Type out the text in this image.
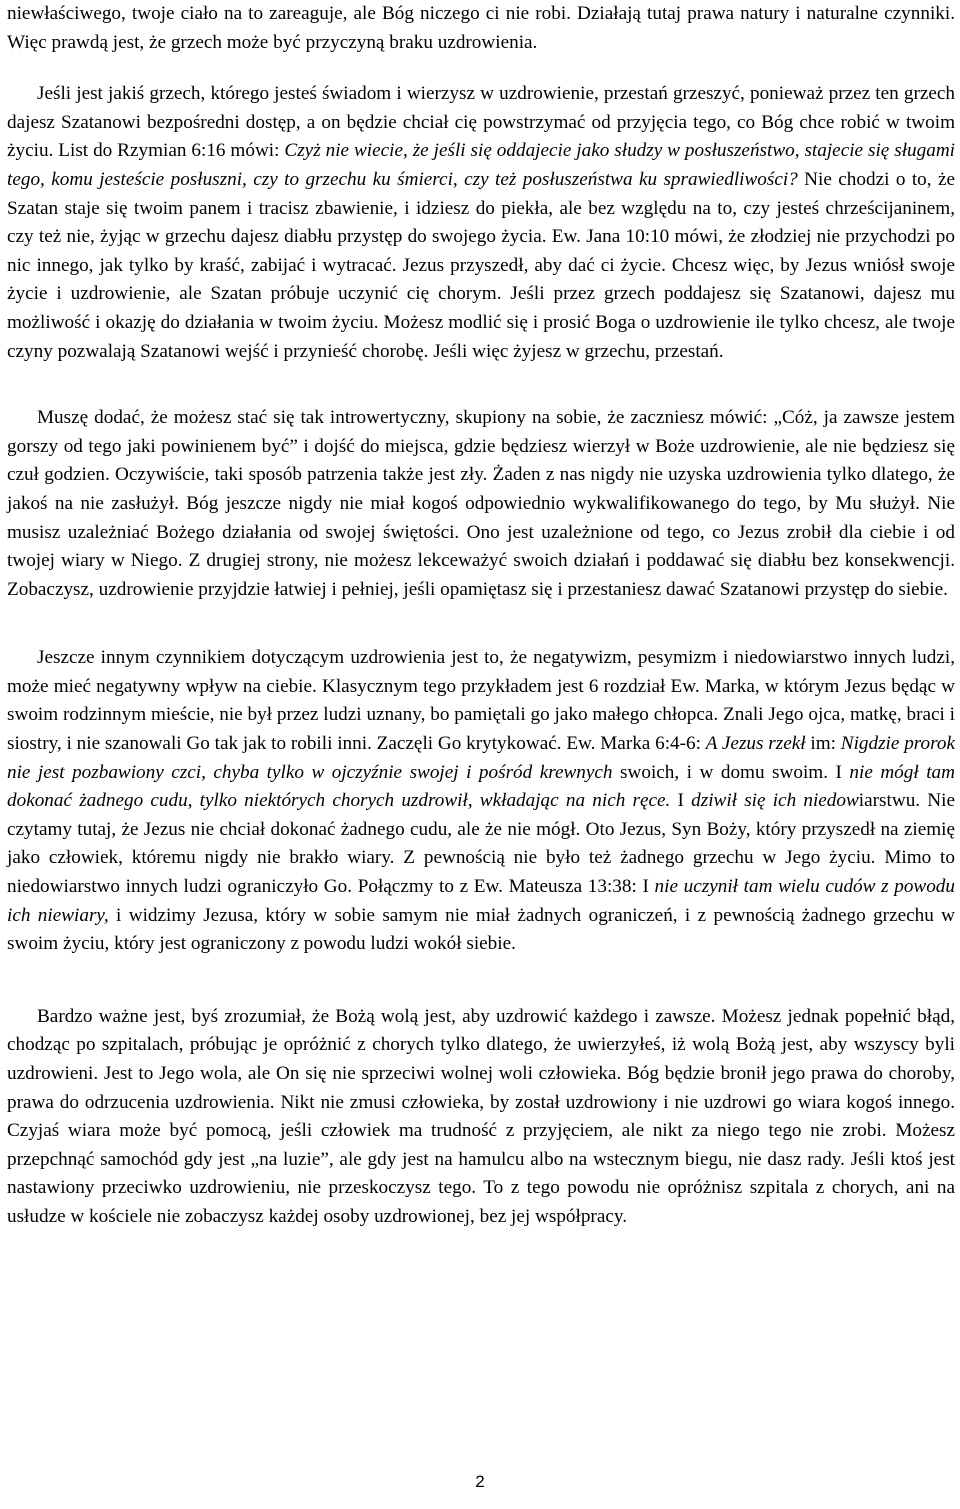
niewłaściwego, twoje ciało na to zareaguje, ale Bóg niczego ci nie robi. Działają tutaj prawa natury i naturalne czynniki. Więc prawdą jest, że grzech może być przyczyną braku uzdrowienia.

Jeśli jest jakiś grzech, którego jesteś świadom i wierzysz w uzdrowienie, przestań grzeszyć, ponieważ przez ten grzech dajesz Szatanowi bezpośredni dostęp, a on będzie chciał cię powstrzymać od przyjęcia tego, co Bóg chce robić w twoim życiu. List do Rzymian 6:16 mówi: Czyż nie wiecie, że jeśli się oddajecie jako słudzy w posłuszeństwo, stajecie się sługami tego, komu jesteście posłuszni, czy to grzechu ku śmierci, czy też posłuszeństwa ku sprawiedliwości? Nie chodzi o to, że Szatan staje się twoim panem i tracisz zbawienie, i idziesz do piekła, ale bez względu na to, czy jesteś chrześcijaninem, czy też nie, żyjąc w grzechu dajesz diabłu przystęp do swojego życia. Ew. Jana 10:10 mówi, że złodziej nie przychodzi po nic innego, jak tylko by kraść, zabijać i wytracać. Jezus przyszedł, aby dać ci życie. Chcesz więc, by Jezus wniósł swoje życie i uzdrowienie, ale Szatan próbuje uczynić cię chorym. Jeśli przez grzech poddajesz się Szatanowi, dajesz mu możliwość i okazję do działania w twoim życiu. Możesz modlić się i prosić Boga o uzdrowienie ile tylko chcesz, ale twoje czyny pozwalają Szatanowi wejść i przynieść chorobę. Jeśli więc żyjesz w grzechu, przestań.

Muszę dodać, że możesz stać się tak introwertyczny, skupiony na sobie, że zaczniesz mówić: „Cóż, ja zawsze jestem gorszy od tego jaki powinienem być” i dojść do miejsca, gdzie będziesz wierzył w Boże uzdrowienie, ale nie będziesz się czuł godzien. Oczywiście, taki sposób patrzenia także jest zły. Żaden z nas nigdy nie uzyska uzdrowienia tylko dlatego, że jakoś na nie zasłużył. Bóg jeszcze nigdy nie miał kogoś odpowiednio wykwalifikowanego do tego, by Mu służył. Nie musisz uzależniać Bożego działania od swojej świętości. Ono jest uzależnione od tego, co Jezus zrobił dla ciebie i od twojej wiary w Niego. Z drugiej strony, nie możesz lekceważyć swoich działań i poddawać się diabłu bez konsekwencji. Zobaczysz, uzdrowienie przyjdzie łatwiej i pełniej, jeśli opamiętasz się i przestaniesz dawać Szatanowi przystęp do siebie.

Jeszcze innym czynnikiem dotyczącym uzdrowienia jest to, że negatywizm, pesymizm i niedowiarstwo innych ludzi, może mieć negatywny wpływ na ciebie. Klasycznym tego przykładem jest 6 rozdział Ew. Marka, w którym Jezus będąc w swoim rodzinnym mieście, nie był przez ludzi uznany, bo pamiętali go jako małego chłopca. Znali Jego ojca, matkę, braci i siostry, i nie szanowali Go tak jak to robili inni. Zaczęli Go krytykować. Ew. Marka 6:4-6: A Jezus rzekł im: Nigdzie prorok nie jest pozbawiony czci, chyba tylko w ojczyźnie swojej i pośród krewnych swoich, i w domu swoim. I nie mógł tam dokonać żadnego cudu, tylko niektórych chorych uzdrowił, wkładając na nich ręce. I dziwił się ich niedowiarstwu. Nie czytamy tutaj, że Jezus nie chciał dokonać żadnego cudu, ale że nie mógł. Oto Jezus, Syn Boży, który przyszedł na ziemię jako człowiek, któremu nigdy nie brakło wiary. Z pewnością nie było też żadnego grzechu w Jego życiu. Mimo to niedowiarstwo innych ludzi ograniczyło Go. Połączmy to z Ew. Mateusza 13:38: I nie uczynił tam wielu cudów z powodu ich niewiary, i widzimy Jezusa, który w sobie samym nie miał żadnych ograniczeń, i z pewnością żadnego grzechu w swoim życiu, który jest ograniczony z powodu ludzi wokół siebie.

Bardzo ważne jest, byś zrozumiał, że Bożą wolą jest, aby uzdrowić każdego i zawsze. Możesz jednak popełnić błąd, chodząc po szpitalach, próbując je opróżnić z chorych tylko dlatego, że uwierzyłeś, iż wolą Bożą jest, aby wszyscy byli uzdrowieni. Jest to Jego wola, ale On się nie sprzeciwi wolnej woli człowieka. Bóg będzie bronił jego prawa do choroby, prawa do odrzucenia uzdrowienia. Nikt nie zmusi człowieka, by został uzdrowiony i nie uzdrowi go wiara kogoś innego. Czyjaś wiara może być pomocą, jeśli człowiek ma trudność z przyjęciem, ale nikt za niego tego nie zrobi. Możesz przepchnąć samochód gdy jest „na luzie”, ale gdy jest na hamulcu albo na wstecznym biegu, nie dasz rady. Jeśli ktoś jest nastawiony przeciwko uzdrowieniu, nie przeskoczysz tego. To z tego powodu nie opróżnisz szpitala z chorych, ani na usłudze w kościele nie zobaczysz każdej osoby uzdrowionej, bez jej współpracy.

2
